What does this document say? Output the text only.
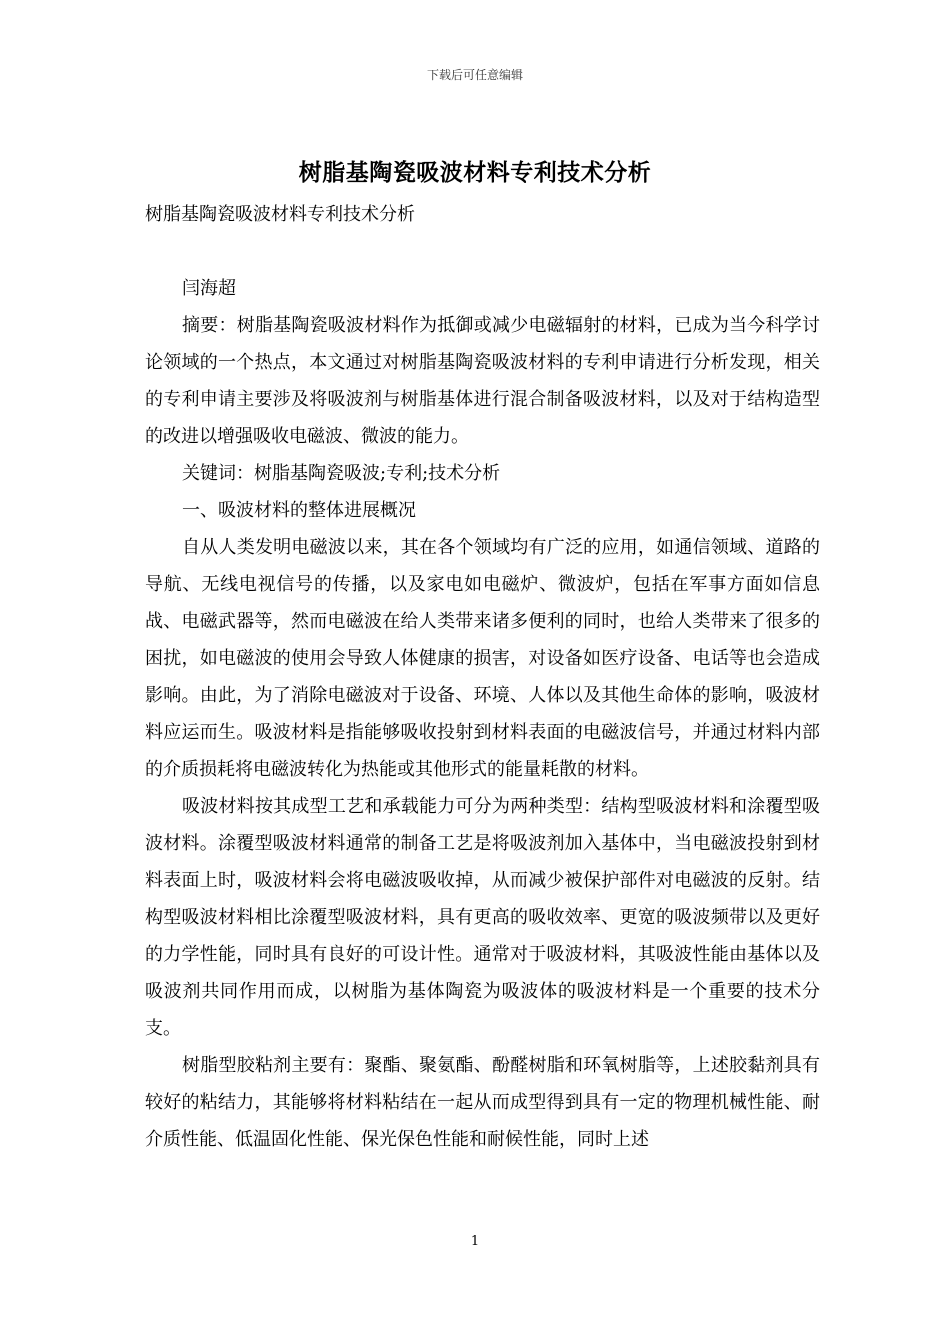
下载后可任意编辑
树脂基陶瓷吸波材料专利技术分析

树脂基陶瓷吸波材料专利技术分析

闫海超

摘要：树脂基陶瓷吸波材料作为抵御或减少电磁辐射的材料，已成为当今科学讨论领域的一个热点，本文通过对树脂基陶瓷吸波材料的专利申请进行分析发现，相关的专利申请主要涉及将吸波剂与树脂基体进行混合制备吸波材料，以及对于结构造型的改进以增强吸收电磁波、微波的能力。

关键词：树脂基陶瓷吸波;专利;技术分析

一、吸波材料的整体进展概况

自从人类发明电磁波以来，其在各个领域均有广泛的应用，如通信领域、道路的导航、无线电视信号的传播，以及家电如电磁炉、微波炉，包括在军事方面如信息战、电磁武器等，然而电磁波在给人类带来诸多便利的同时，也给人类带来了很多的困扰，如电磁波的使用会导致人体健康的损害，对设备如医疗设备、电话等也会造成影响。由此，为了消除电磁波对于设备、环境、人体以及其他生命体的影响，吸波材料应运而生。吸波材料是指能够吸收投射到材料表面的电磁波信号，并通过材料内部的介质损耗将电磁波转化为热能或其他形式的能量耗散的材料。

吸波材料按其成型工艺和承载能力可分为两种类型：结构型吸波材料和涂覆型吸波材料。涂覆型吸波材料通常的制备工艺是将吸波剂加入基体中，当电磁波投射到材料表面上时，吸波材料会将电磁波吸收掉，从而减少被保护部件对电磁波的反射。结构型吸波材料相比涂覆型吸波材料，具有更高的吸收效率、更宽的吸波频带以及更好的力学性能，同时具有良好的可设计性。通常对于吸波材料，其吸波性能由基体以及吸波剂共同作用而成，以树脂为基体陶瓷为吸波体的吸波材料是一个重要的技术分支。

树脂型胶粘剂主要有：聚酯、聚氨酯、酚醛树脂和环氧树脂等，上述胶黏剂具有较好的粘结力，其能够将材料粘结在一起从而成型得到具有一定的物理机械性能、耐介质性能、低温固化性能、保光保色性能和耐候性能，同时上述

1
